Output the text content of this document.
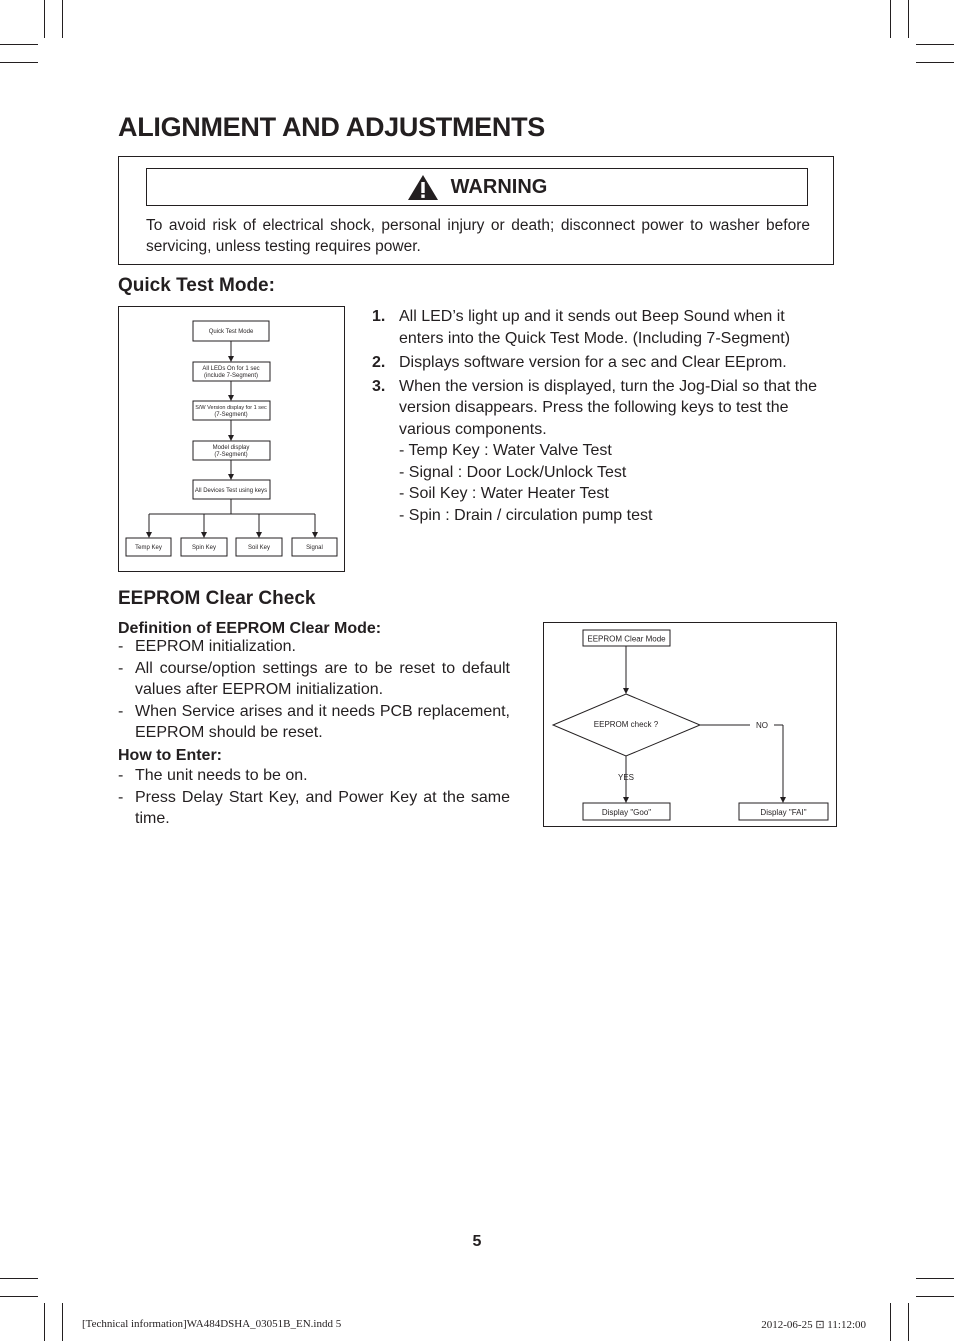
ALIGNMENT AND ADJUSTMENTS
WARNING

To avoid risk of electrical shock, personal injury or death; disconnect power to washer before servicing, unless testing requires power.

Quick Test Mode:
Quick Test Mode
All LEDs On for 1 sec
(include 7-Segment)
S/W Version display for 1 sec
(7-Segment)
Model display
(7-Segment)
All Devices Test using keys
Temp Key	Spin Key	Soil Key	Signal
1. All LED’s light up and it sends out Beep Sound when it enters into the Quick Test Mode. (Including 7-Segment)
2. Displays software version for a sec and Clear EEprom.
3. When the version is displayed, turn the Jog-Dial so that the version disappears. Press the following keys to test the various components.
- Temp Key : Water Valve Test
- Signal : Door Lock/Unlock Test
- Soil Key : Water Heater Test
- Spin : Drain / circulation pump test
EEPROM Clear Check
Definition of EEPROM Clear Mode:
- EEPROM initialization.
- All course/option settings are to be reset to default values after EEPROM initialization.
- When Service arises and it needs PCB replacement, EEPROM should be reset.
How to Enter:
- The unit needs to be on.
- Press Delay Start Key, and Power Key at the same time.
EEPROM Clear Mode
EEPROM check ?
YES
NO
Display "Goo"	Display "FAI"
5
[Technical information]WA484DSHA_03051B_EN.indd 5	2012-06-25 ⊡ 11:12:00
